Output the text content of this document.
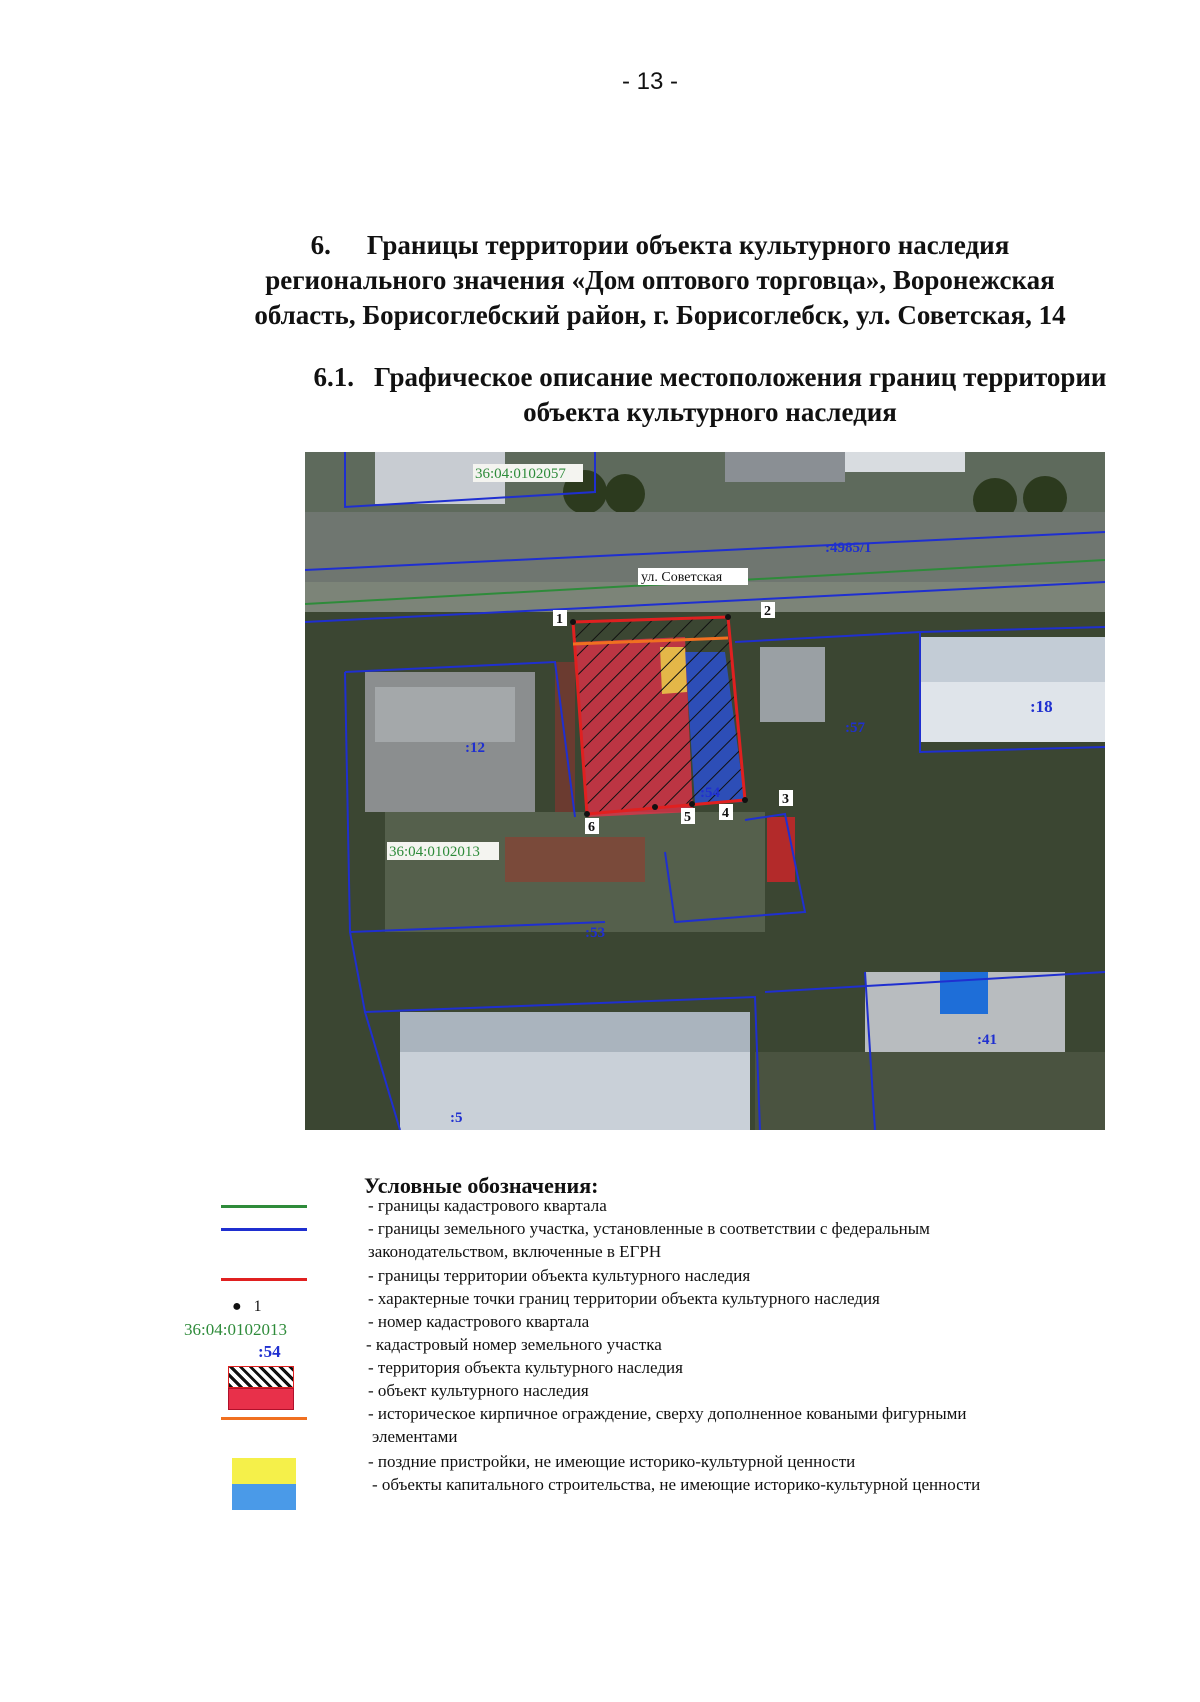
- 13 -
6. Границы территории объекта культурного наследия
регионального значения «Дом оптового торговца», Воронежская
область, Борисоглебский район, г. Борисоглебск, ул. Советская, 14
6.1. Графическое описание местоположения границ территории
объекта культурного наследия
1
2
3
4
5
6
36:04:0102057
36:04:0102013
ул. Советская
:4985/1
:18
:12
:54
:57
:53
:41
:5
Условные обозначения:
● 1
36:04:0102013
:54
- границы кадастрового квартала
- границы земельного участка, установленные в соответствии с федеральным
законодательством, включенные в ЕГРН
- границы территории объекта культурного наследия
- характерные точки границ территории объекта культурного наследия
- номер кадастрового квартала
- кадастровый номер земельного участка
- территория объекта культурного наследия
- объект культурного наследия
- историческое кирпичное ограждение, сверху дополненное коваными фигурными
элементами
- поздние пристройки, не имеющие историко-культурной ценности
- объекты капитального строительства, не имеющие историко-культурной ценности
